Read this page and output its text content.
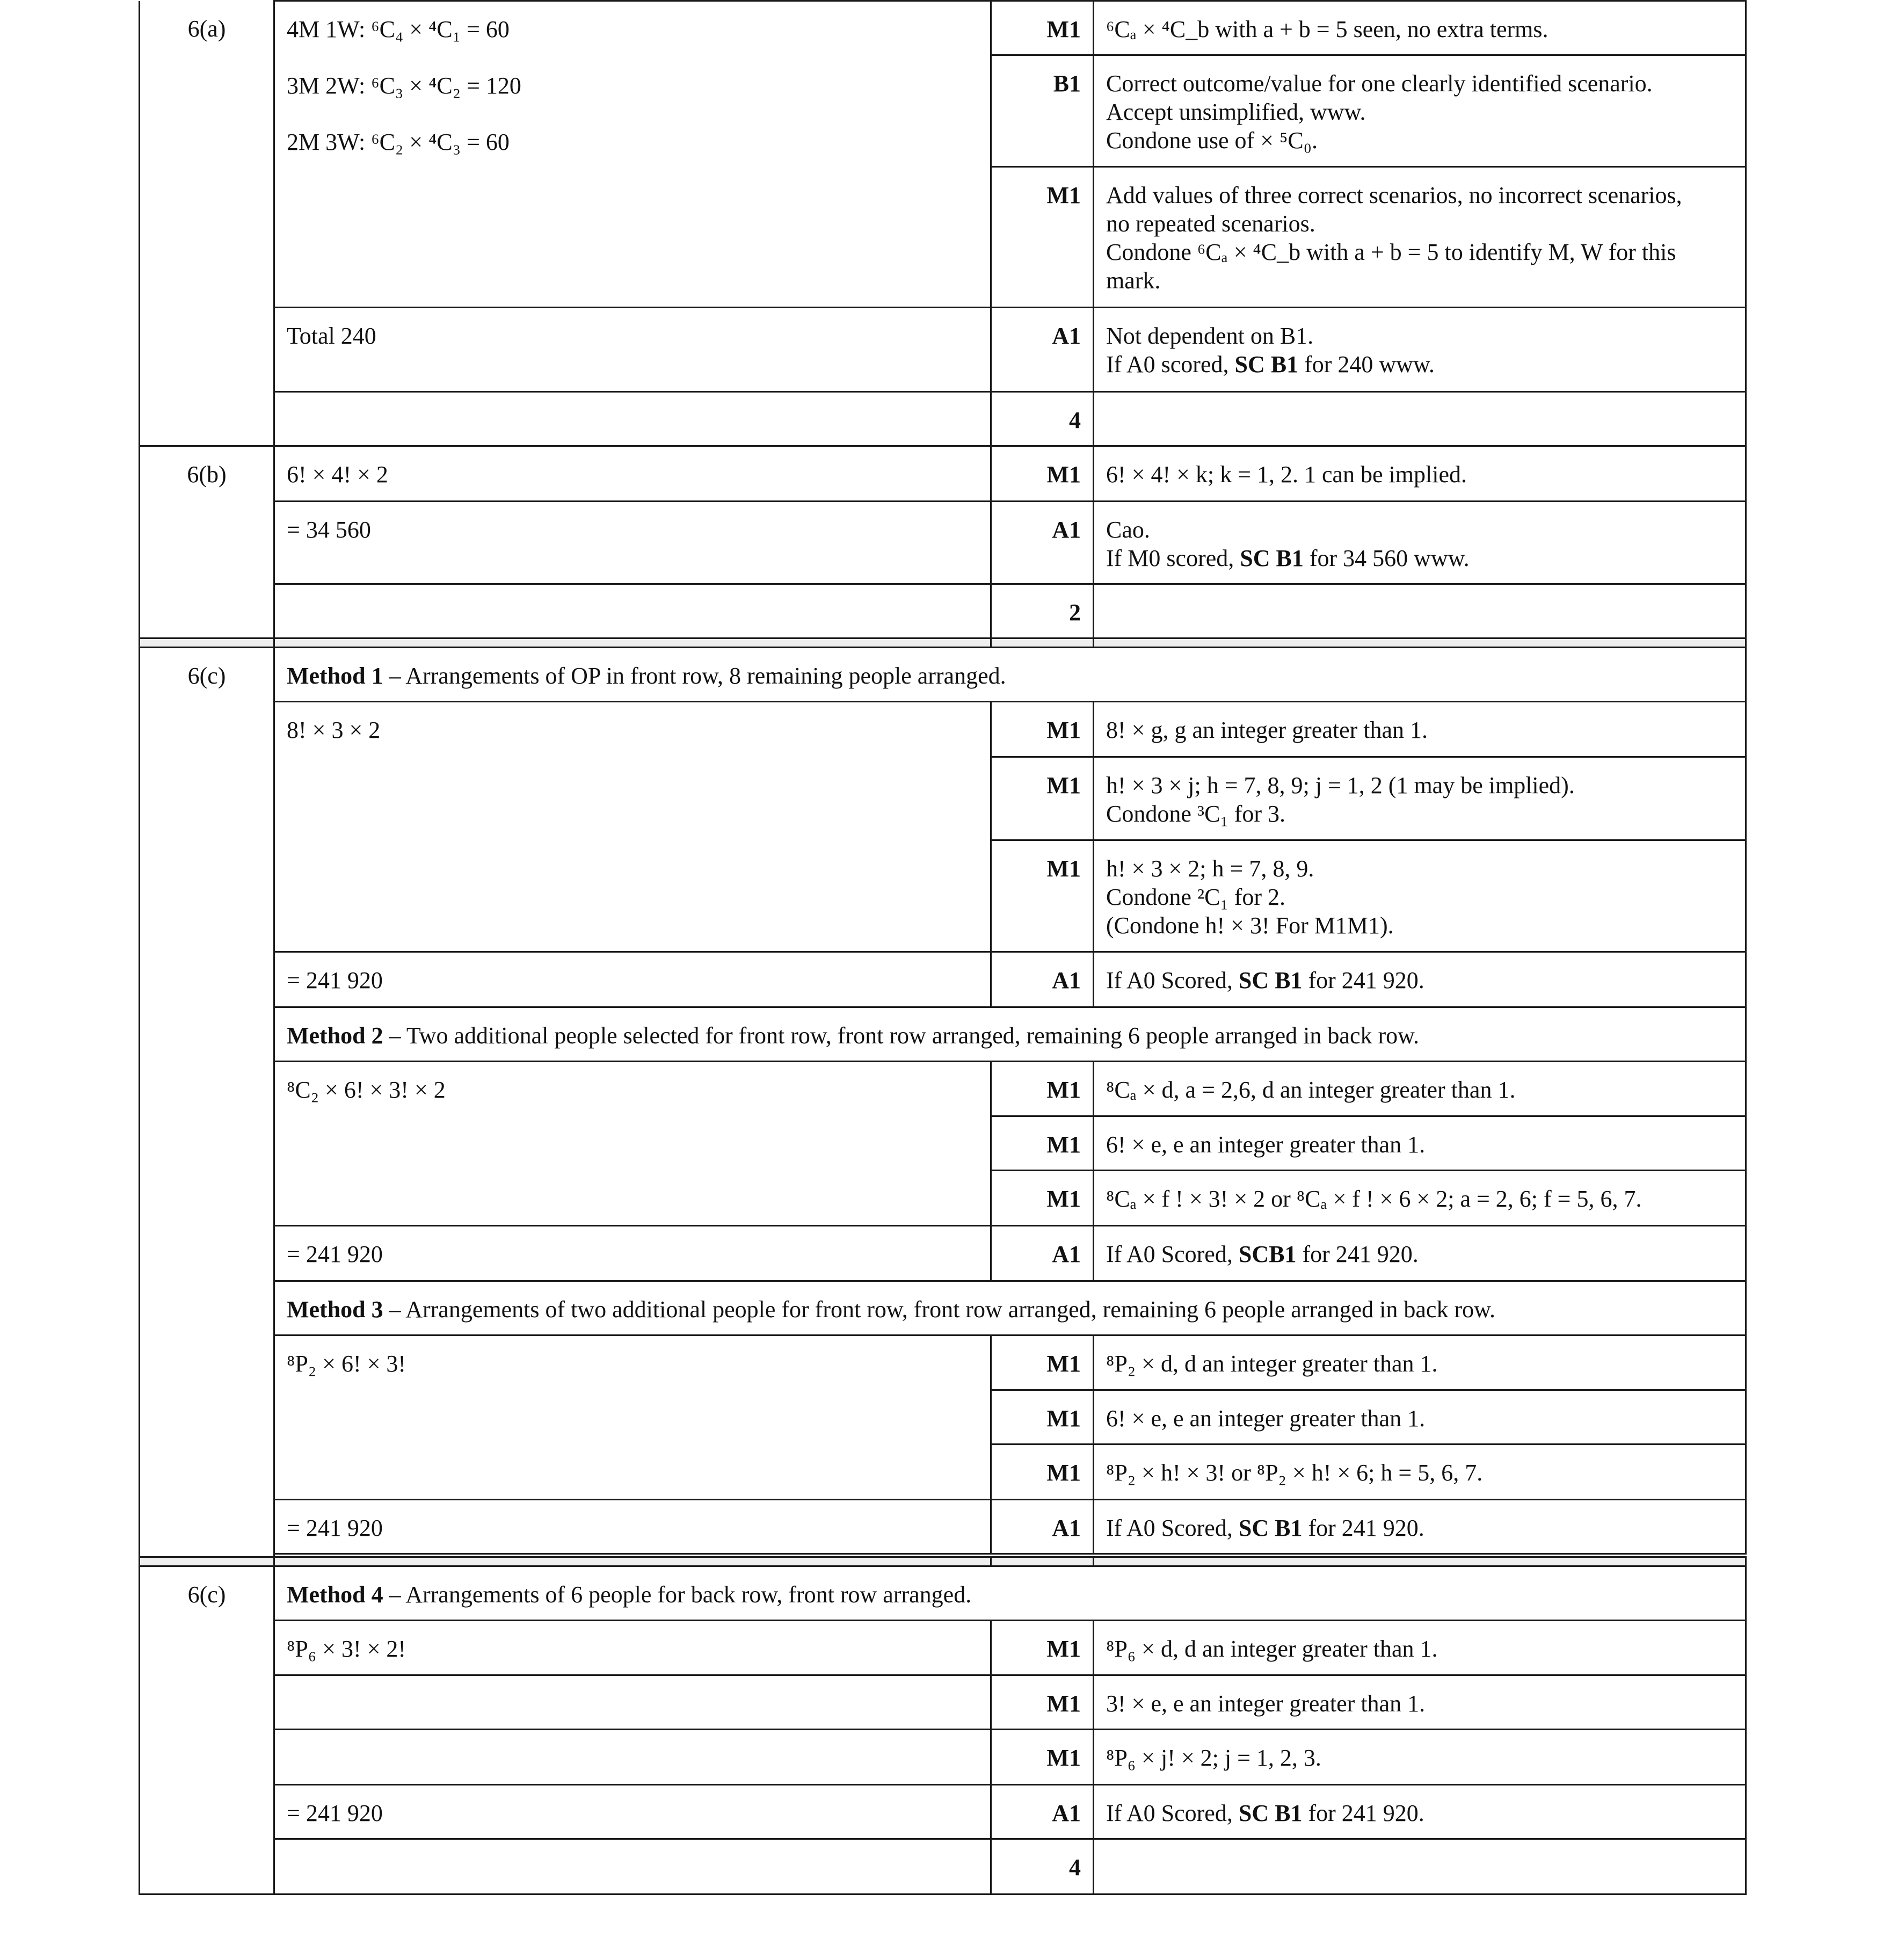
6(a)	4M 1W: ⁶C₄ × ⁴C₁ = 60
3M 2W: ⁶C₃ × ⁴C₂ = 120
2M 3W: ⁶C₂ × ⁴C₃ = 60	M1	⁶Cₐ × ⁴C_b with a + b = 5 seen, no extra terms.
		B1	Correct outcome/value for one clearly identified scenario.
Accept unsimplified, www.
Condone use of × ⁵C₀.

		M1	Add values of three correct scenarios, no incorrect scenarios,
no repeated scenarios.
Condone ⁶Cₐ × ⁴C_b with a + b = 5 to identify M, W for this
mark.

	Total 240	A1	Not dependent on B1.
If A0 scored, SC B1 for 240 www.

		4	
6(b)	6! × 4! × 2	M1	6! × 4! × k; k = 1, 2. 1 can be implied.
	= 34 560	A1	Cao.
If M0 scored, SC B1 for 34 560 www.

		2	

6(c)	Method 1 – Arrangements of OP in front row, 8 remaining people arranged.		
	8! × 3 × 2	M1	8! × g, g an integer greater than 1.
		M1	h! × 3 × j; h = 7, 8, 9; j = 1, 2 (1 may be implied).
Condone ³C₁ for 3.

		M1	h! × 3 × 2; h = 7, 8, 9.
Condone ²C₁ for 2.
(Condone h! × 3! For M1M1).

	= 241 920	A1	If A0 Scored, SC B1 for 241 920.
	Method 2 – Two additional people selected for front row, front row arranged, remaining 6 people arranged in back row.		
	⁸C₂ × 6! × 3! × 2	M1	⁸Cₐ × d, a = 2,6, d an integer greater than 1.
		M1	6! × e, e an integer greater than 1.
		M1	⁸Cₐ × f ! × 3! × 2 or ⁸Cₐ × f ! × 6 × 2; a = 2, 6; f = 5, 6, 7.
	= 241 920	A1	If A0 Scored, SCB1 for 241 920.
	Method 3 – Arrangements of two additional people for front row, front row arranged, remaining 6 people arranged in back row.		
	⁸P₂ × 6! × 3!	M1	⁸P₂ × d, d an integer greater than 1.
		M1	6! × e, e an integer greater than 1.
		M1	⁸P₂ × h! × 3! or ⁸P₂ × h! × 6; h = 5, 6, 7.
	= 241 920	A1	If A0 Scored, SC B1 for 241 920.

6(c)	Method 4 – Arrangements of 6 people for back row, front row arranged.		
	⁸P₆ × 3! × 2!	M1	⁸P₆ × d, d an integer greater than 1.
		M1	3! × e, e an integer greater than 1.
		M1	⁸P₆ × j! × 2; j = 1, 2, 3.
	= 241 920	A1	If A0 Scored, SC B1 for 241 920.
		4	
